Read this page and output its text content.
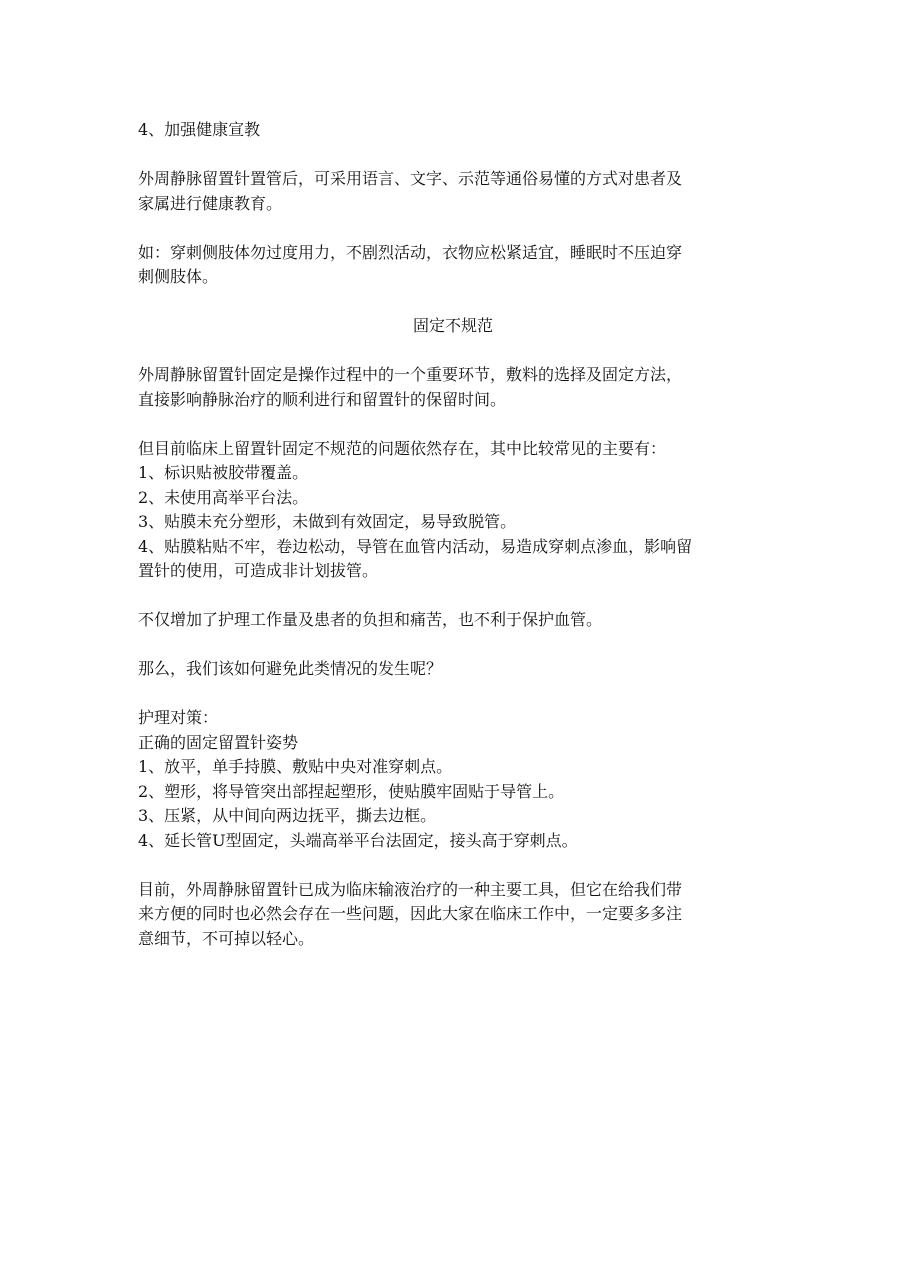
4、加强健康宣教
外周静脉留置针置管后，可采用语言、文字、示范等通俗易懂的方式对患者及
家属进行健康教育。
如：穿刺侧肢体勿过度用力，不剧烈活动，衣物应松紧适宜，睡眠时不压迫穿
刺侧肢体。
固定不规范
外周静脉留置针固定是操作过程中的一个重要环节，敷料的选择及固定方法，
直接影响静脉治疗的顺利进行和留置针的保留时间。
但目前临床上留置针固定不规范的问题依然存在，其中比较常见的主要有：
1、标识贴被胶带覆盖。
2、未使用高举平台法。
3、贴膜未充分塑形，未做到有效固定，易导致脱管。
4、贴膜粘贴不牢，卷边松动，导管在血管内活动，易造成穿刺点渗血，影响留
置针的使用，可造成非计划拔管。
不仅增加了护理工作量及患者的负担和痛苦，也不利于保护血管。
那么，我们该如何避免此类情况的发生呢？
护理对策：
正确的固定留置针姿势
1、放平，单手持膜、敷贴中央对准穿刺点。
2、塑形，将导管突出部捏起塑形，使贴膜牢固贴于导管上。
3、压紧，从中间向两边抚平，撕去边框。
4、延长管U型固定，头端高举平台法固定，接头高于穿刺点。
目前，外周静脉留置针已成为临床输液治疗的一种主要工具，但它在给我们带
来方便的同时也必然会存在一些问题，因此大家在临床工作中，一定要多多注
意细节，不可掉以轻心。
